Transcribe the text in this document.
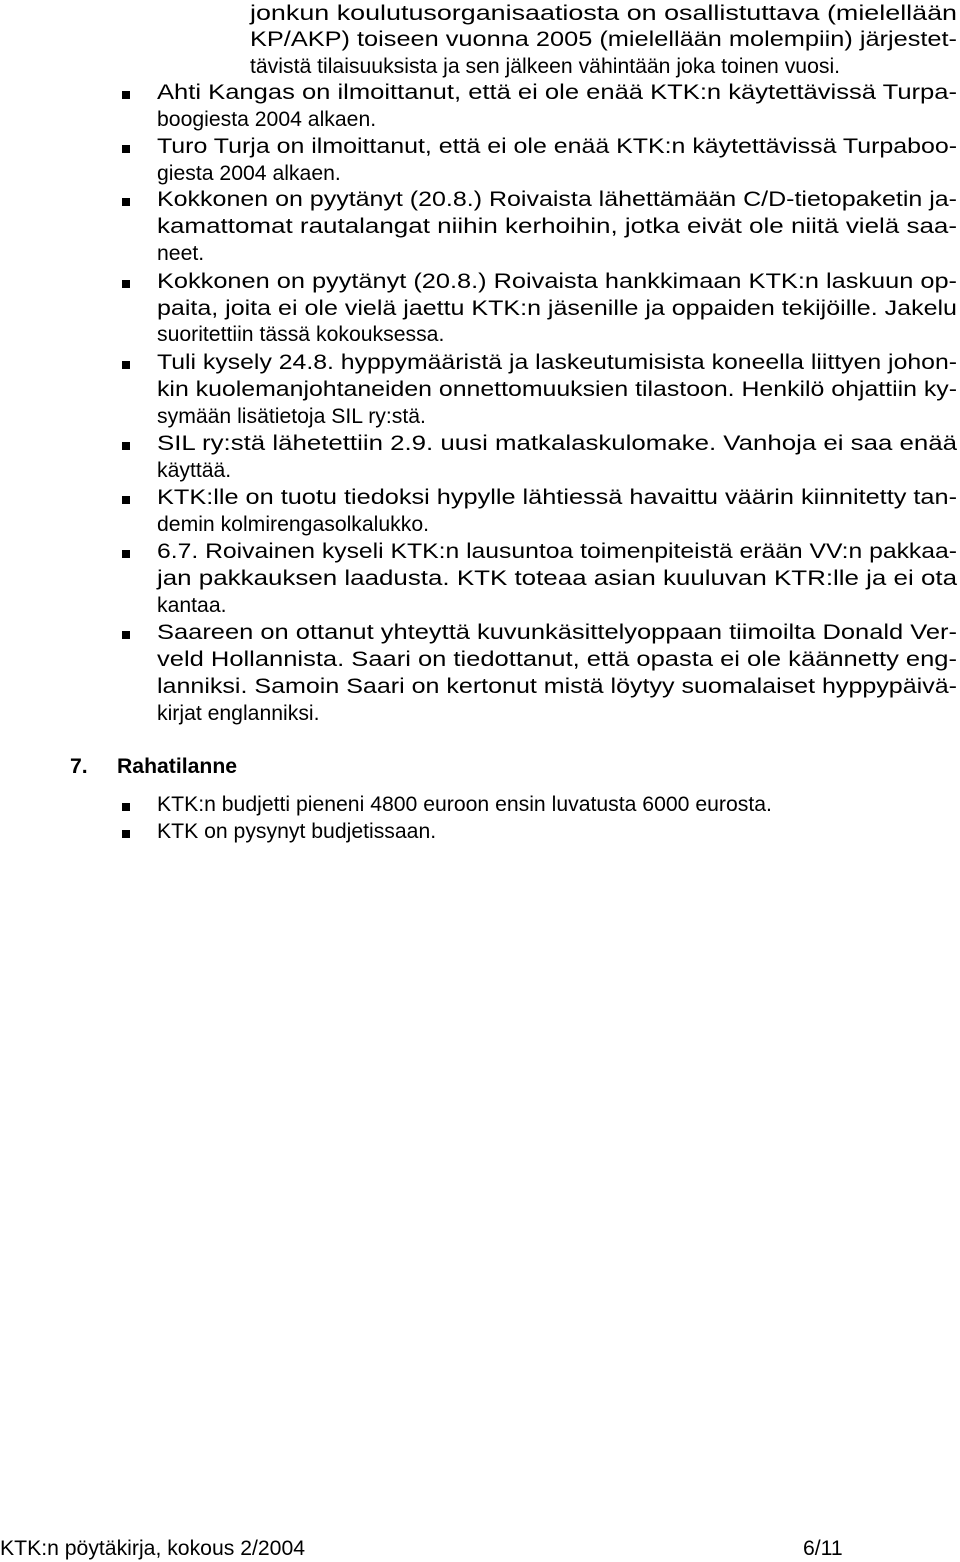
jonkun koulutusorganisaatiosta on osallistuttava (mielellään
KP/AKP) toiseen vuonna 2005 (mielellään molempiin) järjestet-
tävistä tilaisuuksista ja sen jälkeen vähintään joka toinen vuosi.
Ahti Kangas on ilmoittanut, että ei ole enää KTK:n käytettävissä Turpa-
boogiesta 2004 alkaen.
Turo Turja on ilmoittanut, että ei ole enää KTK:n käytettävissä Turpaboo-
giesta 2004 alkaen.
Kokkonen on pyytänyt (20.8.) Roivaista lähettämään C/D-tietopaketin ja-
kamattomat rautalangat niihin kerhoihin, jotka eivät ole niitä vielä saa-
neet.
Kokkonen on pyytänyt (20.8.) Roivaista hankkimaan KTK:n laskuun op-
paita, joita ei ole vielä jaettu KTK:n jäsenille ja oppaiden tekijöille. Jakelu
suoritettiin tässä kokouksessa.
Tuli kysely 24.8. hyppymääristä ja laskeutumisista koneella liittyen johon-
kin kuolemanjohtaneiden onnettomuuksien tilastoon. Henkilö ohjattiin ky-
symään lisätietoja SIL ry:stä.
SIL ry:stä lähetettiin 2.9. uusi matkalaskulomake. Vanhoja ei saa enää
käyttää.
KTK:lle on tuotu tiedoksi hypylle lähtiessä havaittu väärin kiinnitetty tan-
demin kolmirengasolkalukko.
6.7. Roivainen kyseli KTK:n lausuntoa toimenpiteistä erään VV:n pakkaa-
jan pakkauksen laadusta. KTK toteaa asian kuuluvan KTR:lle ja ei ota
kantaa.
Saareen on ottanut yhteyttä kuvunkäsittelyoppaan tiimoilta Donald Ver-
veld Hollannista. Saari on tiedottanut, että opasta ei ole käännetty eng-
lanniksi. Samoin Saari on kertonut mistä löytyy suomalaiset hyppypäivä-
kirjat englanniksi.
7. Rahatilanne
KTK:n budjetti pieneni 4800 euroon ensin luvatusta 6000 eurosta.
KTK on pysynyt budjetissaan.
KTK:n pöytäkirja, kokous 2/2004	6/11
